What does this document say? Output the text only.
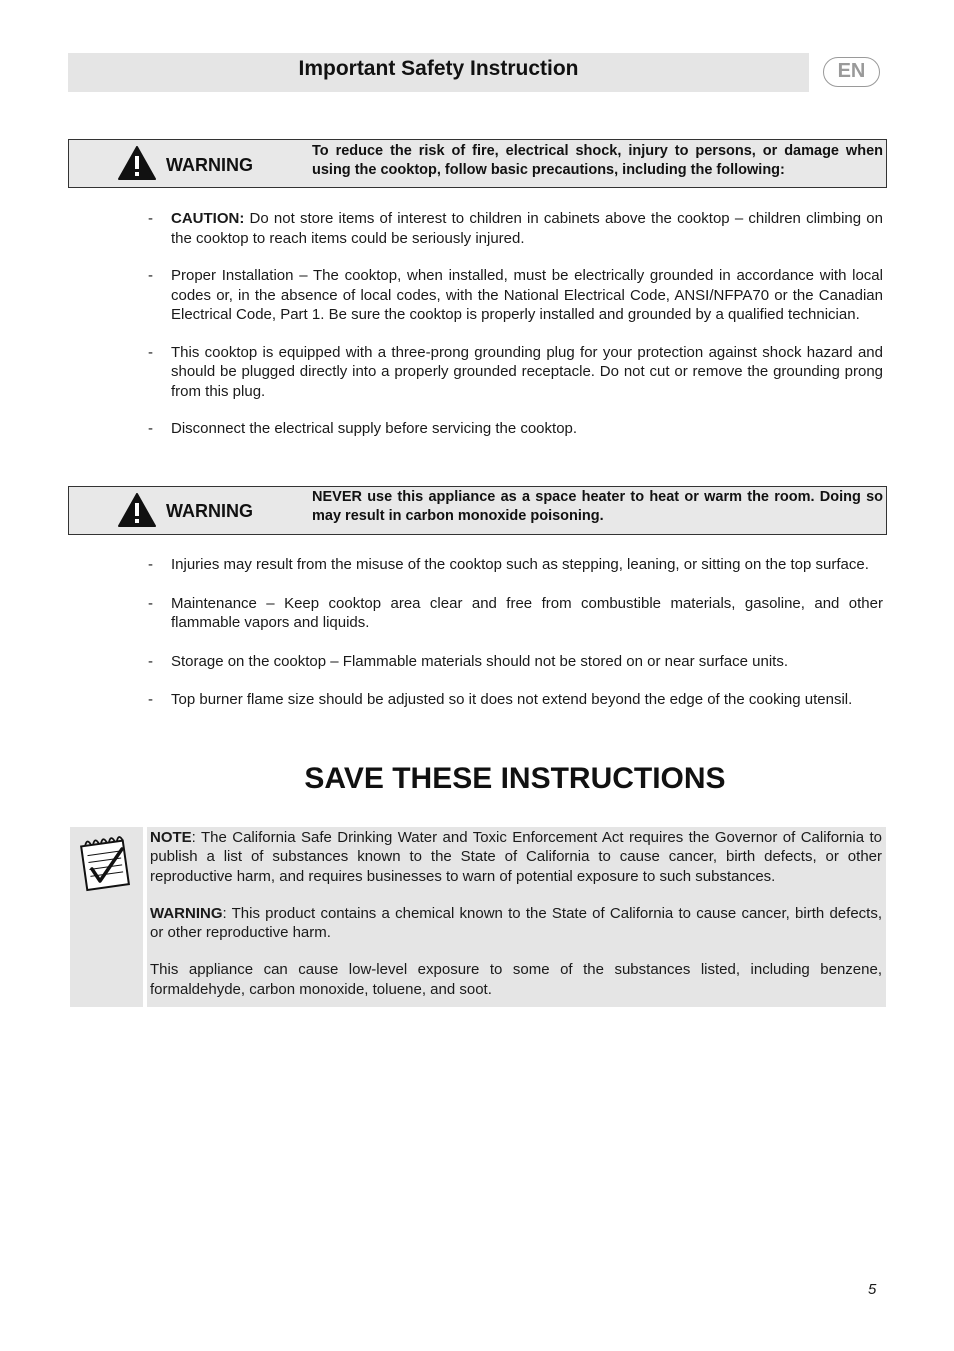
Important Safety Instruction	EN
WARNING
To reduce the risk of fire, electrical shock, injury to persons, or damage when using the cooktop, follow basic precautions, including the following:
- CAUTION: Do not store items of interest to children in cabinets above the cooktop – children climbing on the cooktop to reach items could be seriously injured.
- Proper Installation – The cooktop, when installed, must be electrically grounded in accordance with local codes or, in the absence of local codes, with the National Electrical Code, ANSI/NFPA70 or the Canadian Electrical Code, Part 1. Be sure the cooktop is properly installed and grounded by a qualified technician.
- This cooktop is equipped with a three-prong grounding plug for your protection against shock hazard and should be plugged directly into a properly grounded receptacle. Do not cut or remove the grounding prong from this plug.
- Disconnect the electrical supply before servicing the cooktop.
WARNING
NEVER use this appliance as a space heater to heat or warm the room. Doing so may result in carbon monoxide poisoning.
- Injuries may result from the misuse of the cooktop such as stepping, leaning, or sitting on the top surface.
- Maintenance – Keep cooktop area clear and free from combustible materials, gasoline, and other flammable vapors and liquids.
- Storage on the cooktop – Flammable materials should not be stored on or near surface units.
- Top burner flame size should be adjusted so it does not extend beyond the edge of the cooking utensil.
SAVE THESE INSTRUCTIONS

NOTE: The California Safe Drinking Water and Toxic Enforcement Act requires the Governor of California to publish a list of substances known to the State of California to cause cancer, birth defects, or other reproductive harm, and requires businesses to warn of potential exposure to such substances.

WARNING: This product contains a chemical known to the State of California to cause cancer, birth defects, or other reproductive harm.

This appliance can cause low-level exposure to some of the substances listed, including benzene, formaldehyde, carbon monoxide, toluene, and soot.

5
